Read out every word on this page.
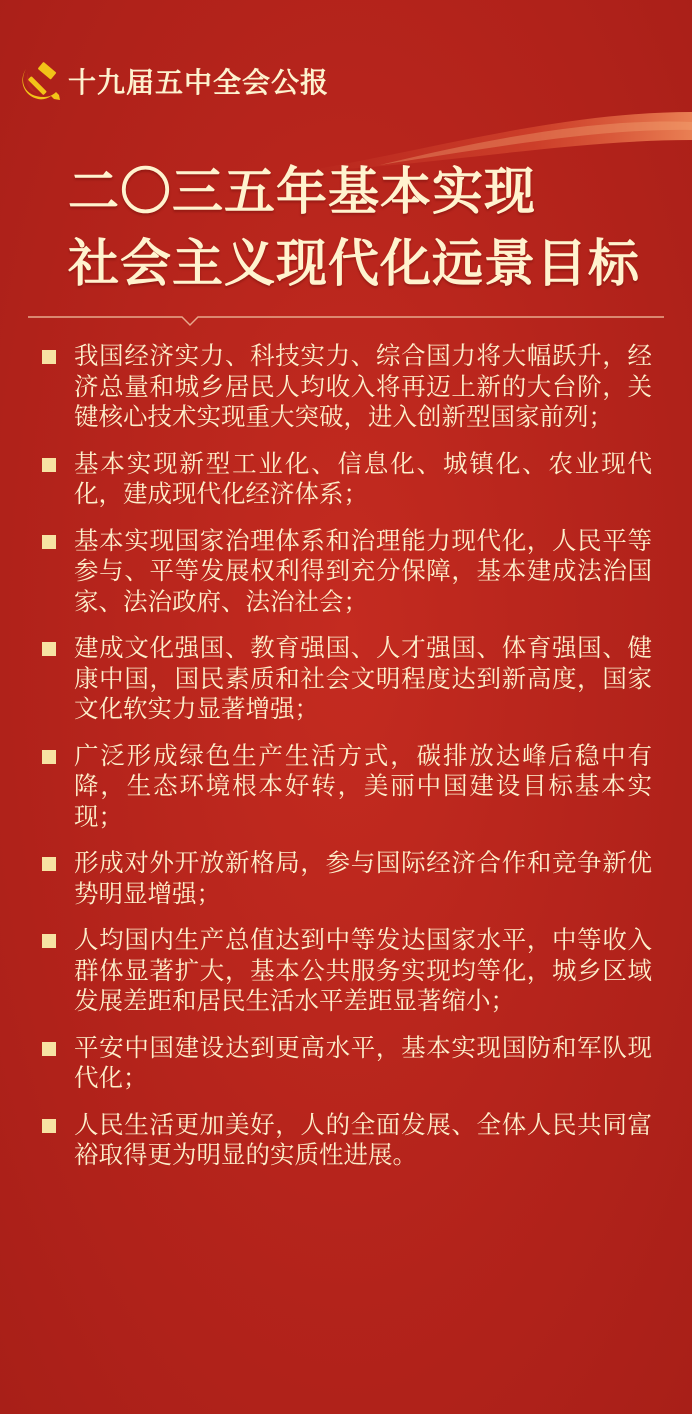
十九届五中全会公报
二〇三五年基本实现
社会主义现代化远景目标
我国经济实力、科技实力、综合国力将大幅跃升，经济总量和城乡居民人均收入将再迈上新的大台阶，关键核心技术实现重大突破，进入创新型国家前列；
基本实现新型工业化、信息化、城镇化、农业现代化，建成现代化经济体系；
基本实现国家治理体系和治理能力现代化，人民平等参与、平等发展权利得到充分保障，基本建成法治国家、法治政府、法治社会；
建成文化强国、教育强国、人才强国、体育强国、健康中国，国民素质和社会文明程度达到新高度，国家文化软实力显著增强；
广泛形成绿色生产生活方式，碳排放达峰后稳中有降，生态环境根本好转，美丽中国建设目标基本实现；
形成对外开放新格局，参与国际经济合作和竞争新优势明显增强；
人均国内生产总值达到中等发达国家水平，中等收入群体显著扩大，基本公共服务实现均等化，城乡区域发展差距和居民生活水平差距显著缩小；
平安中国建设达到更高水平，基本实现国防和军队现代化；
人民生活更加美好，人的全面发展、全体人民共同富裕取得更为明显的实质性进展。
